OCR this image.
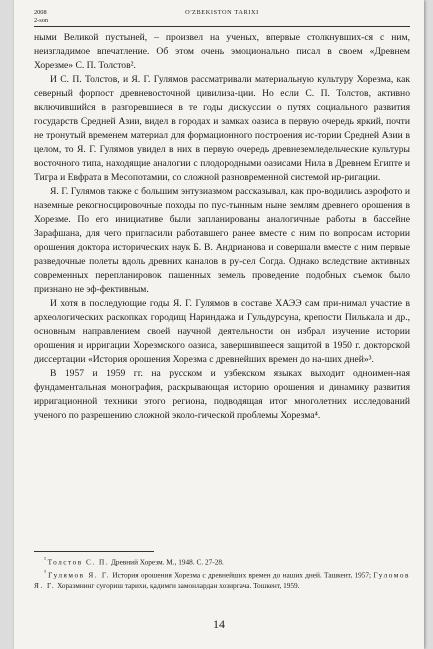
2008
2-son
O'ZBEKISTON TARIXI

ными Великой пустыней, – произвел на ученых, впервые столкнувших-ся с ним, неизгладимое впечатление. Об этом очень эмоционально писал в своем «Древнем Хорезме» С. П. Толстов².

И С. П. Толстов, и Я. Г. Гулямов рассматривали материальную культуру Хорезма, как северный форпост древневосточной цивилиза-ции. Но если С. П. Толстов, активно включившийся в разгоревшиеся в те годы дискуссии о путях социального развития государств Средней Азии, видел в городах и замках оазиса в первую очередь яркий, почти не тронутый временем материал для формационного построения ис-тории Средней Азии в целом, то Я. Г. Гулямов увидел в них в первую очередь древнеземледельческие культуры восточного типа, находящие аналогии с плодородными оазисами Нила в Древнем Египте и Тигра и Евфрата в Месопотамии, со сложной разновременной системой ир-ригации.

Я. Г. Гулямов также с большим энтузиазмом рассказывал, как про-водились аэрофото и наземные рекогносцировочные походы по пус-тынным ныне землям древнего орошения в Хорезме. По его инициативе были запланированы аналогичные работы в бассейне Зарафшана, для чего пригласили работавшего ранее вместе с ним по вопросам истории орошения доктора исторических наук Б. В. Андрианова и совершали вместе с ним первые разведочные полеты вдоль древних каналов в ру-сел Согда. Однако вследствие активных современных перепланировок пашенных земель проведение подобных съемок было признано не эф-фективным.

И хотя в последующие годы Я. Г. Гулямов в составе ХАЭЭ сам при-нимал участие в археологических раскопках городищ Нариндажа и Гульдурсуна, крепости Пилькала и др., основным направлением своей научной деятельности он избрал изучение истории орошения и ирригации Хорезмского оазиса, завершившееся защитой в 1950 г. докторской диссертации «История орошения Хорезма с древнейших времен до на-ших дней»³.

В 1957 и 1959 гг. на русском и узбекском языках выходит одноимен-ная фундаментальная монография, раскрывающая историю орошения и динамику развития ирригационной техники этого региона, подводящая итог многолетних исследований ученого по разрешению сложной эколо-гической проблемы Хорезма⁴.

$^{^2}$ Толстов С. П. Древний Хорезм. М., 1948. С. 27-28.

$^{^3}$ Гулямов Я. Г. История орошения Хорезма с древнейших времен до наших дней. Ташкент, 1957; Гуломов Я. Г. Хоразмнинг суғориш тарихи, қадимги замонлардан хозиргача. Тошкент, 1959.

14
